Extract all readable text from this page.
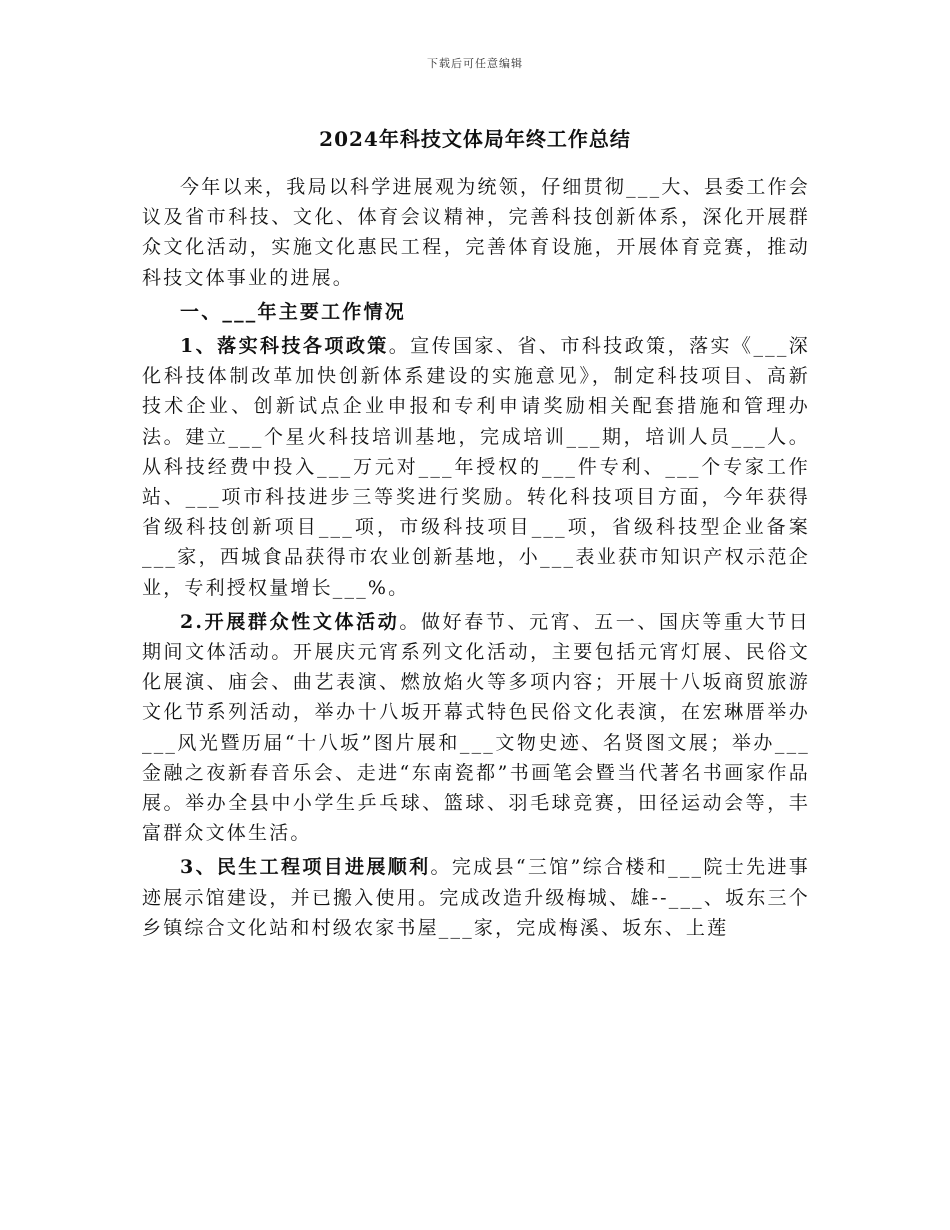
下载后可任意编辑
2024年科技文体局年终工作总结

今年以来，我局以科学进展观为统领，仔细贯彻___大、县委工作会议及省市科技、文化、体育会议精神，完善科技创新体系，深化开展群众文化活动，实施文化惠民工程，完善体育设施，开展体育竞赛，推动科技文体事业的进展。

一、___年主要工作情况

1、落实科技各项政策。宣传国家、省、市科技政策，落实《___深化科技体制改革加快创新体系建设的实施意见》，制定科技项目、高新技术企业、创新试点企业申报和专利申请奖励相关配套措施和管理办法。建立___个星火科技培训基地，完成培训___期，培训人员___人。从科技经费中投入___万元对___年授权的___件专利、___个专家工作站、___项市科技进步三等奖进行奖励。转化科技项目方面，今年获得省级科技创新项目___项，市级科技项目___项，省级科技型企业备案___家，西城食品获得市农业创新基地，小___表业获市知识产权示范企业，专利授权量增长___%。

2.开展群众性文体活动。做好春节、元宵、五一、国庆等重大节日期间文体活动。开展庆元宵系列文化活动，主要包括元宵灯展、民俗文化展演、庙会、曲艺表演、燃放焰火等多项内容；开展十八坂商贸旅游文化节系列活动，举办十八坂开幕式特色民俗文化表演，在宏琳厝举办___风光暨历届“十八坂”图片展和___文物史迹、名贤图文展；举办___金融之夜新春音乐会、走进“东南瓷都”书画笔会暨当代著名书画家作品展。举办全县中小学生乒乓球、篮球、羽毛球竞赛，田径运动会等，丰富群众文体生活。

3、民生工程项目进展顺利。完成县“三馆”综合楼和___院士先进事迹展示馆建设，并已搬入使用。完成改造升级梅城、雄--___、坂东三个乡镇综合文化站和村级农家书屋___家，完成梅溪、坂东、上莲
